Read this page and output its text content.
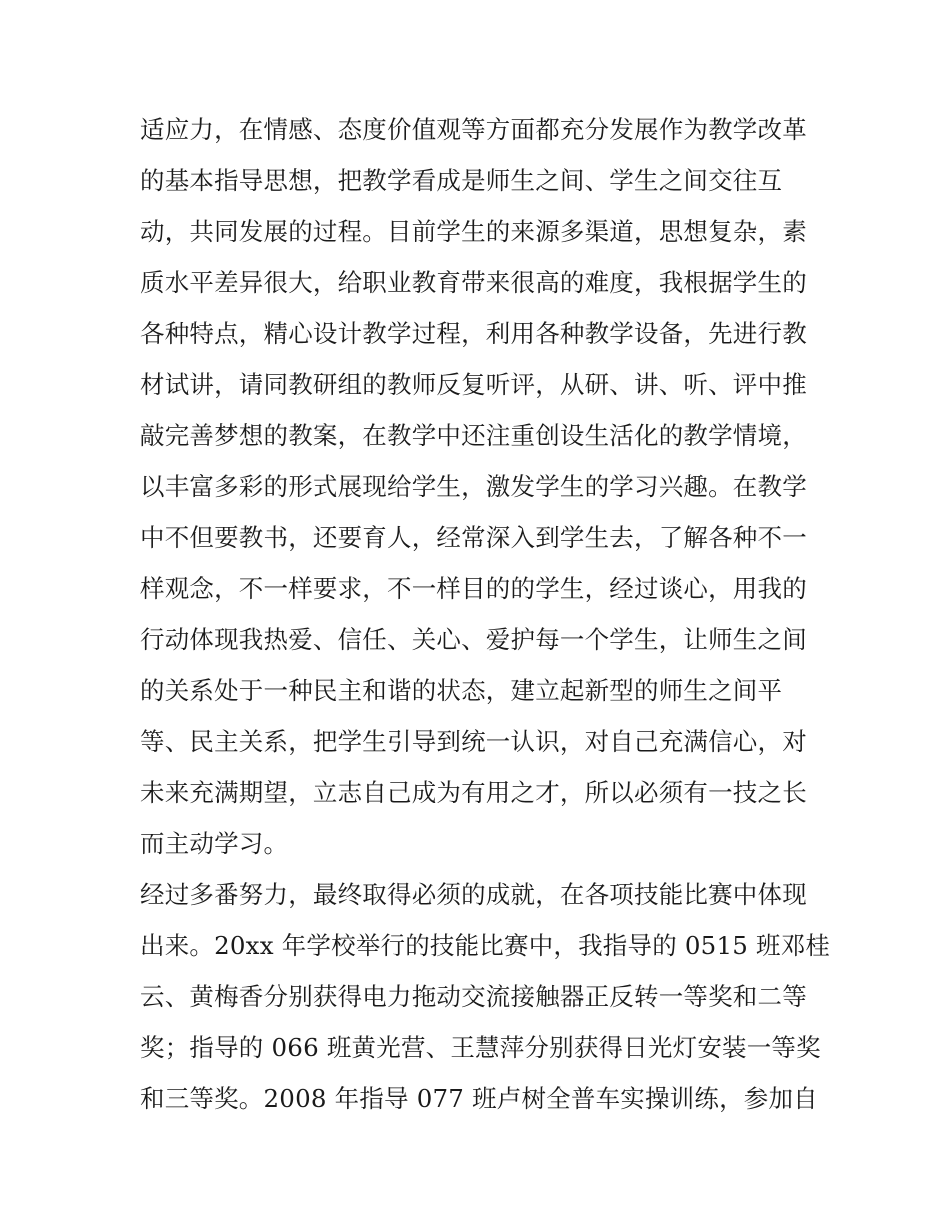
适应力，在情感、态度价值观等方面都充分发展作为教学改革
的基本指导思想，把教学看成是师生之间、学生之间交往互
动，共同发展的过程。目前学生的来源多渠道，思想复杂，素
质水平差异很大，给职业教育带来很高的难度，我根据学生的
各种特点，精心设计教学过程，利用各种教学设备，先进行教
材试讲，请同教研组的教师反复听评，从研、讲、听、评中推
敲完善梦想的教案，在教学中还注重创设生活化的教学情境，
以丰富多彩的形式展现给学生，激发学生的学习兴趣。在教学
中不但要教书，还要育人，经常深入到学生去，了解各种不一
样观念，不一样要求，不一样目的的学生，经过谈心，用我的
行动体现我热爱、信任、关心、爱护每一个学生，让师生之间
的关系处于一种民主和谐的状态，建立起新型的师生之间平
等、民主关系，把学生引导到统一认识，对自己充满信心，对
未来充满期望，立志自己成为有用之才，所以必须有一技之长
而主动学习。
经过多番努力，最终取得必须的成就，在各项技能比赛中体现
出来。20xx 年学校举行的技能比赛中，我指导的 0515 班邓桂
云、黄梅香分别获得电力拖动交流接触器正反转一等奖和二等
奖；指导的 066 班黄光营、王慧萍分别获得日光灯安装一等奖
和三等奖。2008 年指导 077 班卢树全普车实操训练，参加自
